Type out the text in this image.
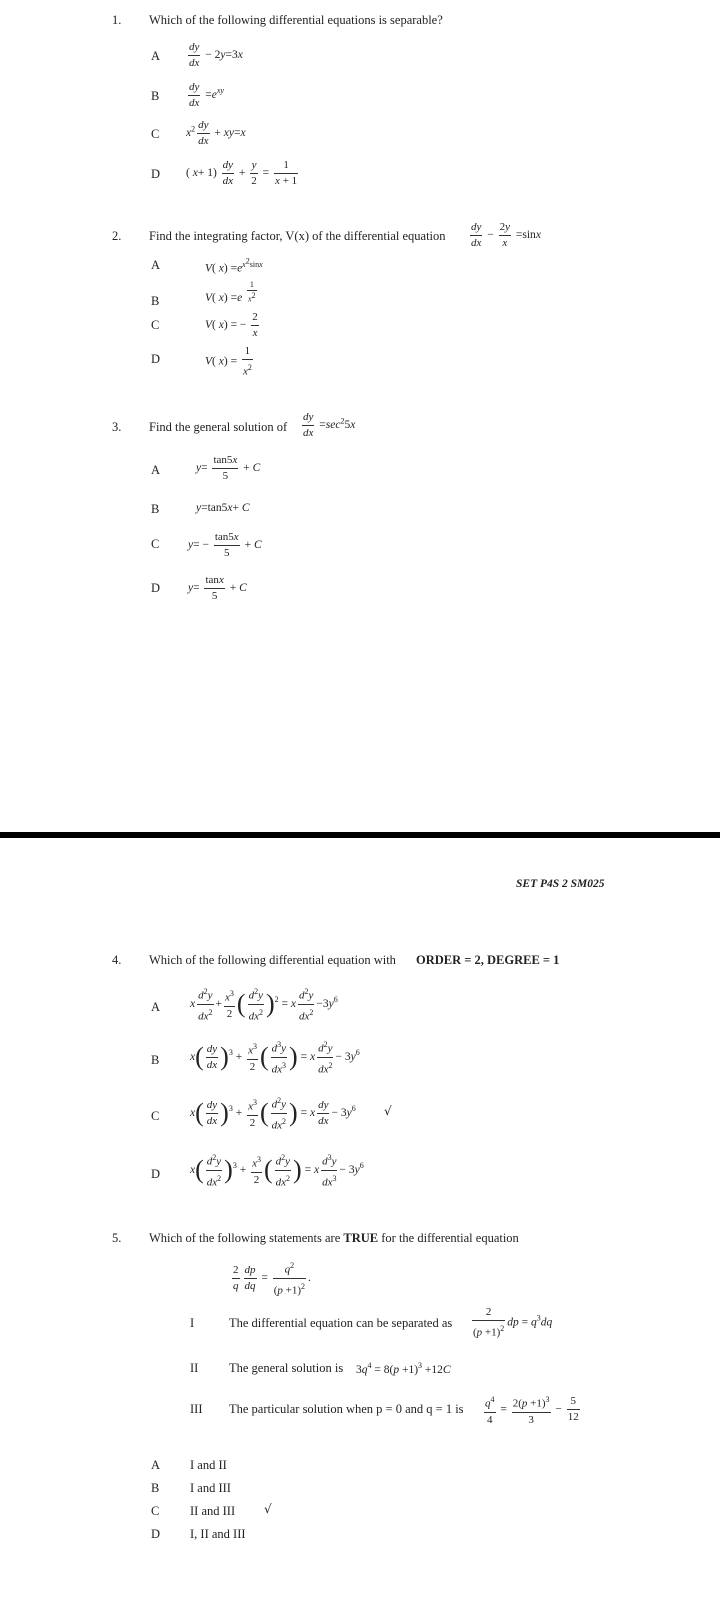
1. Which of the following differential equations is separable?
A	$\frac{dy}{dx} - 2y=3x$
B	$\frac{dy}{dx} =e^{xy}$
C $x^2 \frac{dy}{dx} + xy=x$
D ( $x+ 1) \frac{dy}{dx} + \frac{y}{2} = \frac{1}{x + 1}$
2. Find the integrating factor, V(x) of the differential equation $\frac{dy}{dx} - \frac{2y}{x} =\sin x$
A	V( $x) =e^{x^2sinx}$
B	V( $x) =e \frac{1}{x^2}$
C	V( x) = − $\frac{2}{x}$
D	V( $x) = \frac{1}{x^2}$
3. Find the general solution of $\frac{dy}{dx} =\sec^25x$
A	$y= \frac{\tan 5x}{5} + C$
B	y=tan5x+ C
C $y= - \frac{\tan 5x}{5} + C$
D $y= \frac{\tan x}{5} + C$
SET P4S 2 SM025
4. Which of the following differential equation with ORDER = 2, DEGREE = 1
A	x $\frac{d^2y}{dx^2} + \frac{x^3}{2}$ ( $\frac{d^2y}{dx^2} )^2 = x \frac{d^2y}{dx^2} -3y^6$
B	$x( \frac{dy}{dx} )^3 + \frac{x^3}{2}$ ( $\frac{d^3y}{dx^3}$ ) = x $\frac{d^2y}{dx^2} - 3y^6$
C	$x( \frac{dy}{dx} )^3 + \frac{x^3}{2}$ ( $\frac{d^2y}{dx^2}$ ) = x $\frac{dy}{dx} - 3y^6$ √
D	$x( \frac{d^2y}{dx^2} )^3 + \frac{x^3}{2}$ ( $\frac{d^2y}{dx^2}$ ) = x $\frac{d^3y}{dx^3} - 3y^6$
5. Which of the following statements are TRUE for the differential equation
$\frac{2}{q} \frac{dp}{dq} = \frac{q^2}{(p +1)^2}$ .
I	The differential equation can be separated as $\frac{2}{(p +1)^2}$ dp = $q^3dq$
II The general solution is $3q^4 = 8(p +1)^3 +12C$
III The particular solution when p = 0 and q = 1 is $\frac{q^4}{4} = \frac{2(p +1)^3}{3} - \frac{5}{12}$
A I and II
B I and III
C II and III √
D I, II and III
